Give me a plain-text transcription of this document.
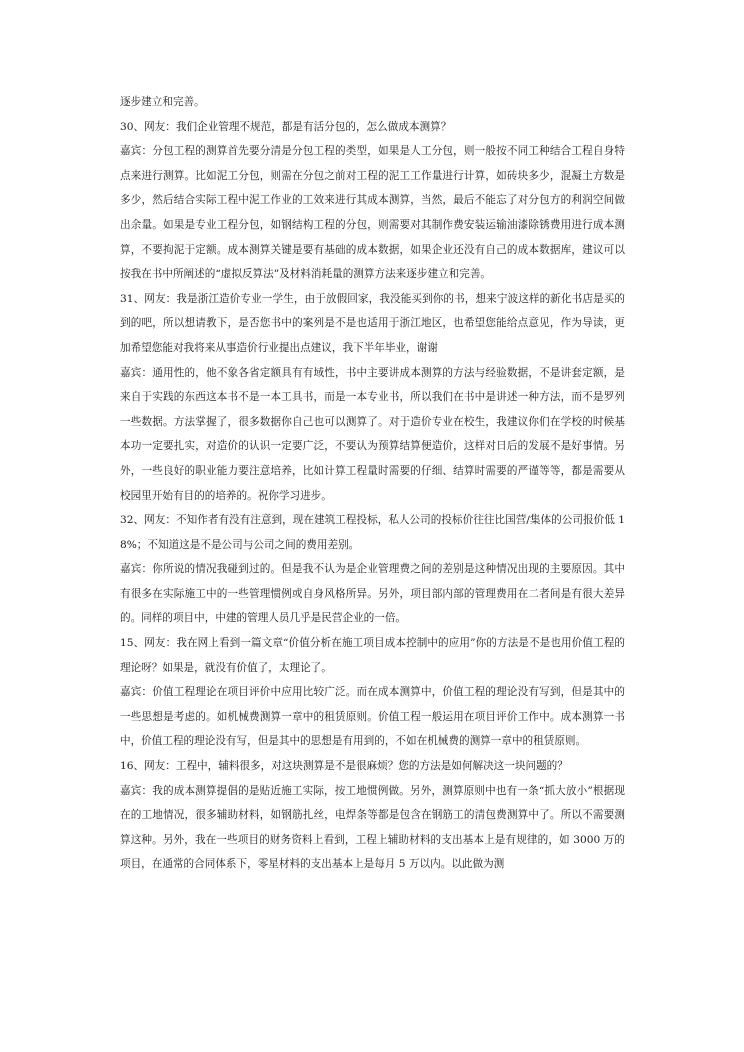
逐步建立和完善。

30、网友：我们企业管理不规范，都是有活分包的，怎么做成本测算？

嘉宾：分包工程的测算首先要分清是分包工程的类型，如果是人工分包，则一般按不同工种结合工程自身特点来进行测算。比如泥工分包，则需在分包之前对工程的泥工工作量进行计算，如砖块多少，混凝土方数是多少，然后结合实际工程中泥工作业的工效来进行其成本测算，当然，最后不能忘了对分包方的利润空间做出余量。如果是专业工程分包，如钢结构工程的分包，则需要对其制作费安装运输油漆除锈费用进行成本测算，不要拘泥于定额。成本测算关键是要有基础的成本数据，如果企业还没有自己的成本数据库，建议可以按我在书中所阐述的“虚拟反算法”及材料消耗量的测算方法来逐步建立和完善。

31、网友：我是浙江造价专业一学生，由于放假回家，我没能买到你的书，想来宁波这样的新化书店是买的到的吧，所以想请教下，是否您书中的案列是不是也适用于浙江地区，也希望您能给点意见，作为导读，更加希望您能对我将来从事造价行业提出点建议，我下半年毕业，谢谢

嘉宾：通用性的，他不象各省定额具有有域性，书中主要讲成本测算的方法与经验数据，不是讲套定额，是来自于实践的东西这本书不是一本工具书，而是一本专业书，所以我们在书中是讲述一种方法，而不是罗列一些数据。方法掌握了，很多数据你自己也可以测算了。对于造价专业在校生，我建议你们在学校的时候基本功一定要扎实，对造价的认识一定要广泛，不要认为预算结算便造价，这样对日后的发展不是好事情。另外，一些良好的职业能力要注意培养，比如计算工程量时需要的仔细、结算时需要的严谨等等，都是需要从校园里开始有目的的培养的。祝你学习进步。

32、网友：不知作者有没有注意到，现在建筑工程投标，私人公司的投标价往往比国营/集体的公司报价低 18%；不知道这是不是公司与公司之间的费用差别。

嘉宾：你所说的情况我碰到过的。但是我不认为是企业管理费之间的差别是这种情况出现的主要原因。其中有很多在实际施工中的一些管理惯例或自身风格所异。另外，项目部内部的管理费用在二者间是有很大差异的。同样的项目中，中建的管理人员几乎是民营企业的一倍。

15、网友：我在网上看到一篇文章“价值分析在施工项目成本控制中的应用”你的方法是不是也用价值工程的理论呀？如果是，就没有价值了，太理论了。

嘉宾：价值工程理论在项目评价中应用比较广泛。而在成本测算中，价值工程的理论没有写到，但是其中的一些思想是考虑的。如机械费测算一章中的租赁原则。价值工程一般运用在项目评价工作中。成本测算一书中，价值工程的理论没有写，但是其中的思想是有用到的，不如在机械费的测算一章中的租赁原则。

16、网友：工程中，辅料很多，对这块测算是不是很麻烦？您的方法是如何解决这一块问题的？

嘉宾：我的成本测算提倡的是贴近施工实际，按工地惯例做。另外，测算原则中也有一条“抓大放小”根据现在的工地情况，很多辅助材料，如钢筋扎丝，电焊条等都是包含在钢筋工的清包费测算中了。所以不需要测算这种。另外，我在一些项目的财务资料上看到，工程上辅助材料的支出基本上是有规律的，如 3000 万的项目，在通常的合同体系下，零星材料的支出基本上是每月 5 万以内。以此做为测
